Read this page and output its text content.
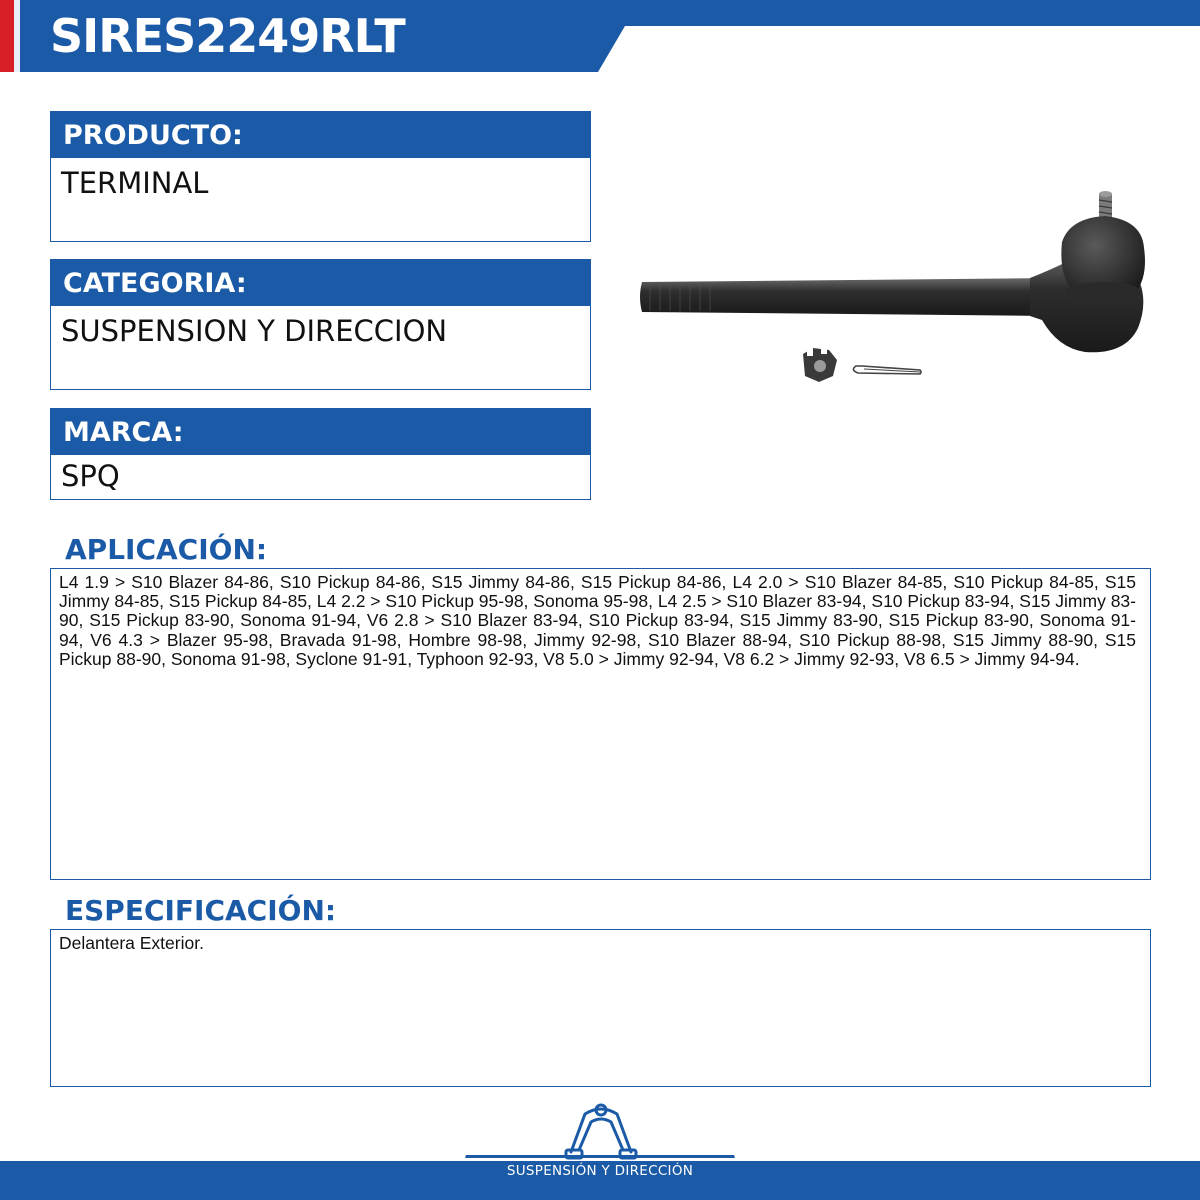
SIRES2249RLT
PRODUCTO:
TERMINAL
CATEGORIA:
SUSPENSION Y DIRECCION
MARCA:
SPQ
APLICACIÓN:

L4 1.9 > S10 Blazer 84-86, S10 Pickup 84-86, S15 Jimmy 84-86, S15 Pickup 84-86, L4 2.0 > S10 Blazer 84-85, S10 Pickup 84-85, S15 Jimmy 84-85, S15 Pickup 84-85, L4 2.2 > S10 Pickup 95-98, Sonoma 95-98, L4 2.5 > S10 Blazer 83-94, S10 Pickup 83-94, S15 Jimmy 83-90, S15 Pickup 83-90, Sonoma 91-94, V6 2.8 > S10 Blazer 83-94, S10 Pickup 83-94, S15 Jimmy 83-90, S15 Pickup 83-90, Sonoma 91-94, V6 4.3 > Blazer 95-98, Bravada 91-98, Hombre 98-98, Jimmy 92-98, S10 Blazer 88-94, S10 Pickup 88-98, S15 Jimmy 88-90, S15 Pickup 88-90, Sonoma 91-98, Syclone 91-91, Typhoon 92-93, V8 5.0 > Jimmy 92-94, V8 6.2 > Jimmy 92-93, V8 6.5 > Jimmy 94-94.

ESPECIFICACIÓN:

Delantera Exterior.

SUSPENSIÓN Y DIRECCIÓN
